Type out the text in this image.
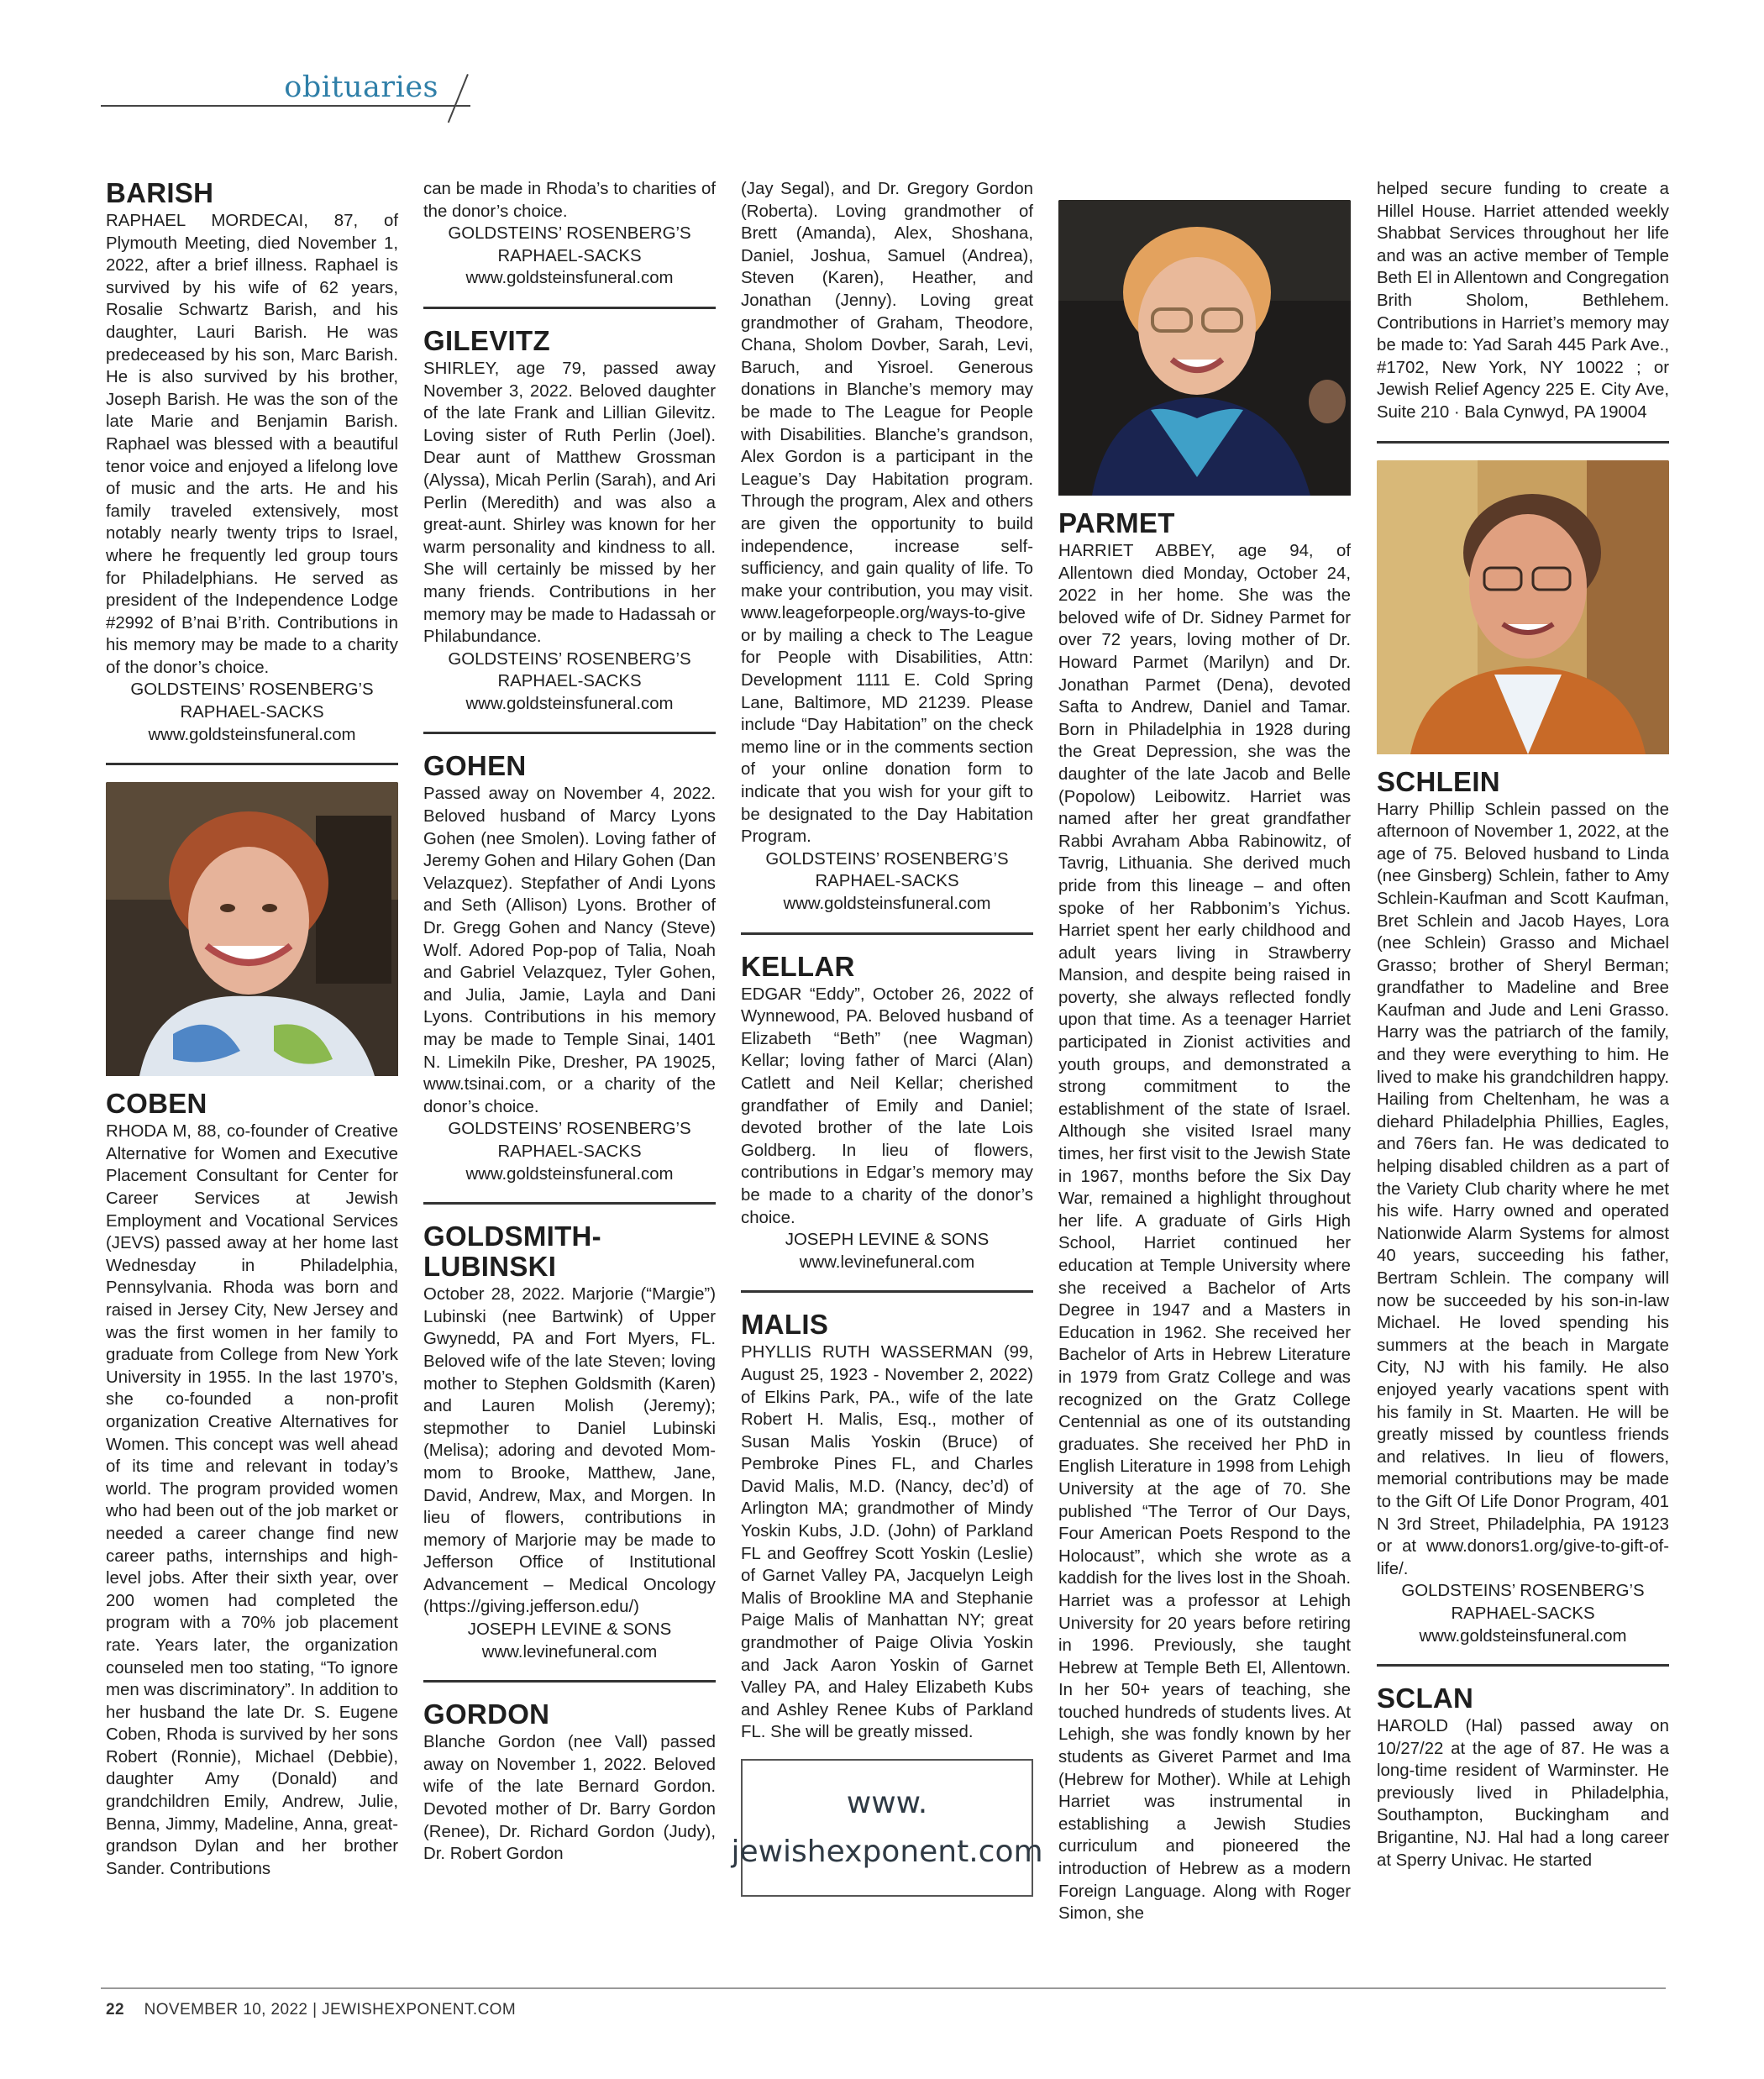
obituaries
BARISH

RAPHAEL MORDECAI, 87, of Plymouth Meeting, died November 1, 2022, after a brief illness. Raphael is survived by his wife of 62 years, Rosalie Schwartz Barish, and his daughter, Lauri Barish. He was predeceased by his son, Marc Barish. He is also survived by his brother, Joseph Barish. He was the son of the late Marie and Benjamin Barish. Raphael was blessed with a beautiful tenor voice and enjoyed a lifelong love of music and the arts. He and his family traveled extensively, most notably nearly twenty trips to Israel, where he frequently led group tours for Philadelphians. He served as president of the Independence Lodge #2992 of B’nai B’rith. Contributions in his memory may be made to a charity of the donor’s choice.

GOLDSTEINS’ ROSENBERG’S

RAPHAEL-SACKS

www.goldsteinsfuneral.com

COBEN

RHODA M, 88, co-founder of Creative Alternative for Women and Executive Placement Consultant for Center for Career Services at Jewish Employment and Vocational Services (JEVS) passed away at her home last Wednesday in Philadelphia, Pennsylvania. Rhoda was born and raised in Jersey City, New Jersey and was the first women in her family to graduate from College from New York University in 1955. In the last 1970’s, she co-founded a non-profit organization Creative Alternatives for Women. This concept was well ahead of its time and relevant in today’s world. The program provided women who had been out of the job market or needed a career change find new career paths, internships and high-level jobs. After their sixth year, over 200 women had completed the program with a 70% job placement rate. Years later, the organization counseled men too stating, “To ignore men was discriminatory”. In addition to her husband the late Dr. S. Eugene Coben, Rhoda is survived by her sons Robert (Ronnie), Michael (Debbie), daughter Amy (Donald) and grandchildren Emily, Andrew, Julie, Benna, Jimmy, Madeline, Anna, great-grandson Dylan and her brother Sander. Contributions

can be made in Rhoda’s to charities of the donor’s choice.

GOLDSTEINS’ ROSENBERG’S

RAPHAEL-SACKS

www.goldsteinsfuneral.com

GILEVITZ

SHIRLEY, age 79, passed away November 3, 2022. Beloved daughter of the late Frank and Lillian Gilevitz. Loving sister of Ruth Perlin (Joel). Dear aunt of Matthew Grossman (Alyssa), Micah Perlin (Sarah), and Ari Perlin (Meredith) and was also a great-aunt. Shirley was known for her warm personality and kindness to all. She will certainly be missed by her many friends. Contributions in her memory may be made to Hadassah or Philabundance.

GOLDSTEINS’ ROSENBERG’S

RAPHAEL-SACKS

www.goldsteinsfuneral.com

GOHEN

Passed away on November 4, 2022. Beloved husband of Marcy Lyons Gohen (nee Smolen). Loving father of Jeremy Gohen and Hilary Gohen (Dan Velazquez). Stepfather of Andi Lyons and Seth (Allison) Lyons. Brother of Dr. Gregg Gohen and Nancy (Steve) Wolf. Adored Pop-pop of Talia, Noah and Gabriel Velazquez, Tyler Gohen, and Julia, Jamie, Layla and Dani Lyons. Contributions in his memory may be made to Temple Sinai, 1401 N. Limekiln Pike, Dresher, PA 19025, www.tsinai.com, or a charity of the donor’s choice.

GOLDSTEINS’ ROSENBERG’S

RAPHAEL-SACKS

www.goldsteinsfuneral.com

GOLDSMITH-
LUBINSKI

October 28, 2022. Marjorie (“Margie”) Lubinski (nee Bartwink) of Upper Gwynedd, PA and Fort Myers, FL. Beloved wife of the late Steven; loving mother to Stephen Goldsmith (Karen) and Lauren Molish (Jeremy); stepmother to Daniel Lubinski (Melisa); adoring and devoted Mom-mom to Brooke, Matthew, Jane, David, Andrew, Max, and Morgen. In lieu of flowers, contributions in memory of Marjorie may be made to Jefferson Office of Institutional Advancement – Medical Oncology (https://giving.jefferson.edu/)

JOSEPH LEVINE & SONS

www.levinefuneral.com

GORDON

Blanche Gordon (nee Vall) passed away on November 1, 2022. Beloved wife of the late Bernard Gordon. Devoted mother of Dr. Barry Gordon (Renee), Dr. Richard Gordon (Judy), Dr. Robert Gordon

(Jay Segal), and Dr. Gregory Gordon (Roberta). Loving grandmother of Brett (Amanda), Alex, Shoshana, Daniel, Joshua, Samuel (Andrea), Steven (Karen), Heather, and Jonathan (Jenny). Loving great grandmother of Graham, Theodore, Chana, Sholom Dovber, Sarah, Levi, Baruch, and Yisroel. Generous donations in Blanche’s memory may be made to The League for People with Disabilities. Blanche’s grandson, Alex Gordon is a participant in the League’s Day Habitation program. Through the program, Alex and others are given the opportunity to build independence, increase self-sufficiency, and gain quality of life. To make your contribution, you may visit. www.leageforpeople.org/ways-to-give or by mailing a check to The League for People with Disabilities, Attn: Development 1111 E. Cold Spring Lane, Baltimore, MD 21239. Please include “Day Habitation” on the check memo line or in the comments section of your online donation form to indicate that you wish for your gift to be designated to the Day Habitation Program.

GOLDSTEINS’ ROSENBERG’S

RAPHAEL-SACKS

www.goldsteinsfuneral.com

KELLAR

EDGAR “Eddy”, October 26, 2022 of Wynnewood, PA. Beloved husband of Elizabeth “Beth” (nee Wagman) Kellar; loving father of Marci (Alan) Catlett and Neil Kellar; cherished grandfather of Emily and Daniel; devoted brother of the late Lois Goldberg. In lieu of flowers, contributions in Edgar’s memory may be made to a charity of the donor’s choice.

JOSEPH LEVINE & SONS

www.levinefuneral.com

MALIS

PHYLLIS RUTH WASSERMAN (99, August 25, 1923 - November 2, 2022) of Elkins Park, PA., wife of the late Robert H. Malis, Esq., mother of Susan Malis Yoskin (Bruce) of Pembroke Pines FL, and Charles David Malis, M.D. (Nancy, dec’d) of Arlington MA; grandmother of Mindy Yoskin Kubs, J.D. (John) of Parkland FL and Geoffrey Scott Yoskin (Leslie) of Garnet Valley PA, Jacquelyn Leigh Malis of Brookline MA and Stephanie Paige Malis of Manhattan NY; great grandmother of Paige Olivia Yoskin and Jack Aaron Yoskin of Garnet Valley PA, and Haley Elizabeth Kubs and Ashley Renee Kubs of Parkland FL. She will be greatly missed.

www.
jewishexponent.com
PARMET

HARRIET ABBEY, age 94, of Allentown died Monday, October 24, 2022 in her home. She was the beloved wife of Dr. Sidney Parmet for over 72 years, loving mother of Dr. Howard Parmet (Marilyn) and Dr. Jonathan Parmet (Dena), devoted Safta to Andrew, Daniel and Tamar. Born in Philadelphia in 1928 during the Great Depression, she was the daughter of the late Jacob and Belle (Popolow) Leibowitz. Harriet was named after her great grandfather Rabbi Avraham Abba Rabinowitz, of Tavrig, Lithuania. She derived much pride from this lineage – and often spoke of her Rabbonim’s Yichus. Harriet spent her early childhood and adult years living in Strawberry Mansion, and despite being raised in poverty, she always reflected fondly upon that time. As a teenager Harriet participated in Zionist activities and youth groups, and demonstrated a strong commitment to the establishment of the state of Israel. Although she visited Israel many times, her first visit to the Jewish State in 1967, months before the Six Day War, remained a highlight throughout her life. A graduate of Girls High School, Harriet continued her education at Temple University where she received a Bachelor of Arts Degree in 1947 and a Masters in Education in 1962. She received her Bachelor of Arts in Hebrew Literature in 1979 from Gratz College and was recognized on the Gratz College Centennial as one of its outstanding graduates. She received her PhD in English Literature in 1998 from Lehigh University at the age of 70. She published “The Terror of Our Days, Four American Poets Respond to the Holocaust”, which she wrote as a kaddish for the lives lost in the Shoah. Harriet was a professor at Lehigh University for 20 years before retiring in 1996. Previously, she taught Hebrew at Temple Beth El, Allentown. In her 50+ years of teaching, she touched hundreds of students lives. At Lehigh, she was fondly known by her students as Giveret Parmet and Ima (Hebrew for Mother). While at Lehigh Harriet was instrumental in establishing a Jewish Studies curriculum and pioneered the introduction of Hebrew as a modern Foreign Language. Along with Roger Simon, she

helped secure funding to create a Hillel House. Harriet attended weekly Shabbat Services throughout her life and was an active member of Temple Beth El in Allentown and Congregation Brith Sholom, Bethlehem. Contributions in Harriet’s memory may be made to: Yad Sarah 445 Park Ave., #1702, New York, NY 10022 ; or Jewish Relief Agency 225 E. City Ave, Suite 210 · Bala Cynwyd, PA 19004

SCHLEIN

Harry Phillip Schlein passed on the afternoon of November 1, 2022, at the age of 75. Beloved husband to Linda (nee Ginsberg) Schlein, father to Amy Schlein-Kaufman and Scott Kaufman, Bret Schlein and Jacob Hayes, Lora (nee Schlein) Grasso and Michael Grasso; brother of Sheryl Berman; grandfather to Madeline and Bree Kaufman and Jude and Leni Grasso. Harry was the patriarch of the family, and they were everything to him. He lived to make his grandchildren happy. Hailing from Cheltenham, he was a diehard Philadelphia Phillies, Eagles, and 76ers fan. He was dedicated to helping disabled children as a part of the Variety Club charity where he met his wife. Harry owned and operated Nationwide Alarm Systems for almost 40 years, succeeding his father, Bertram Schlein. The company will now be succeeded by his son-in-law Michael. He loved spending his summers at the beach in Margate City, NJ with his family. He also enjoyed yearly vacations spent with his family in St. Maarten. He will be greatly missed by countless friends and relatives. In lieu of flowers, memorial contributions may be made to the Gift Of Life Donor Program, 401 N 3rd Street, Philadelphia, PA 19123 or at www.donors1.org/give-to-gift-of-life/.

GOLDSTEINS’ ROSENBERG’S

RAPHAEL-SACKS

www.goldsteinsfuneral.com

SCLAN

HAROLD (Hal) passed away on 10/27/22 at the age of 87. He was a long-time resident of Warminster. He previously lived in Philadelphia, Southampton, Buckingham and Brigantine, NJ. Hal had a long career at Sperry Univac. He started

22 NOVEMBER 10, 2022 | JEWISHEXPONENT.COM
